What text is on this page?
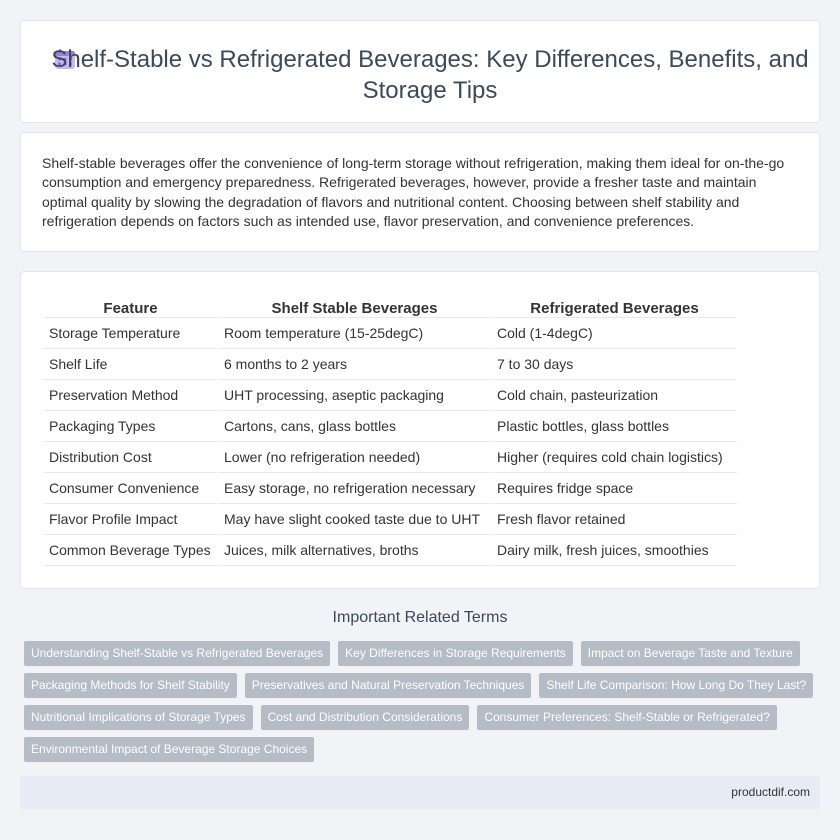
Shelf-Stable vs Refrigerated Beverages: Key Differences, Benefits, and Storage Tips

Shelf-stable beverages offer the convenience of long-term storage without refrigeration, making them ideal for on-the-go consumption and emergency preparedness. Refrigerated beverages, however, provide a fresher taste and maintain optimal quality by slowing the degradation of flavors and nutritional content. Choosing between shelf stability and refrigeration depends on factors such as intended use, flavor preservation, and convenience preferences.

Feature	Shelf Stable Beverages	Refrigerated Beverages
Storage Temperature	Room temperature (15-25degC)	Cold (1-4degC)
Shelf Life	6 months to 2 years	7 to 30 days
Preservation Method	UHT processing, aseptic packaging	Cold chain, pasteurization
Packaging Types	Cartons, cans, glass bottles	Plastic bottles, glass bottles
Distribution Cost	Lower (no refrigeration needed)	Higher (requires cold chain logistics)
Consumer Convenience	Easy storage, no refrigeration necessary	Requires fridge space
Flavor Profile Impact	May have slight cooked taste due to UHT	Fresh flavor retained
Common Beverage Types	Juices, milk alternatives, broths	Dairy milk, fresh juices, smoothies
Important Related Terms
Understanding Shelf-Stable vs Refrigerated Beverages	Key Differences in Storage Requirements	Impact on Beverage Taste and Texture
Packaging Methods for Shelf Stability	Preservatives and Natural Preservation Techniques	Shelf Life Comparison: How Long Do They Last?
Nutritional Implications of Storage Types	Cost and Distribution Considerations	Consumer Preferences: Shelf-Stable or Refrigerated?
Environmental Impact of Beverage Storage Choices
productdif.com
